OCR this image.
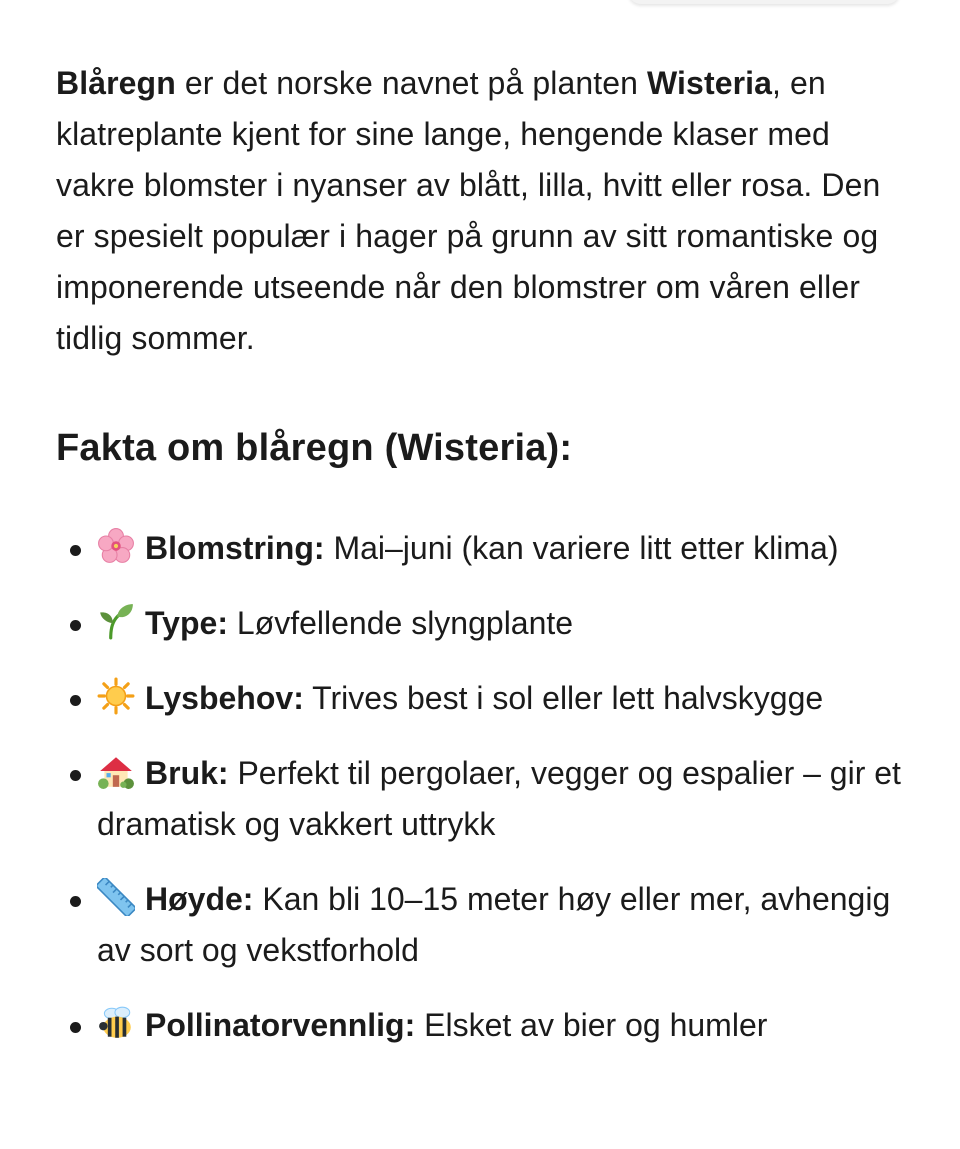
Blåregn er det norske navnet på planten Wisteria, en klatreplante kjent for sine lange, hengende klaser med vakre blomster i nyanser av blått, lilla, hvitt eller rosa. Den er spesielt populær i hager på grunn av sitt romantiske og imponerende utseende når den blomstrer om våren eller tidlig sommer.

Fakta om blåregn (Wisteria):
Blomstring: Mai–juni (kan variere litt etter klima)
Type: Løvfellende slyngplante
Lysbehov: Trives best i sol eller lett halvskygge
Bruk: Perfekt til pergolaer, vegger og espalier – gir et dramatisk og vakkert uttrykk
Høyde: Kan bli 10–15 meter høy eller mer, avhengig av sort og vekstforhold
Pollinatorvennlig: Elsket av bier og humler
